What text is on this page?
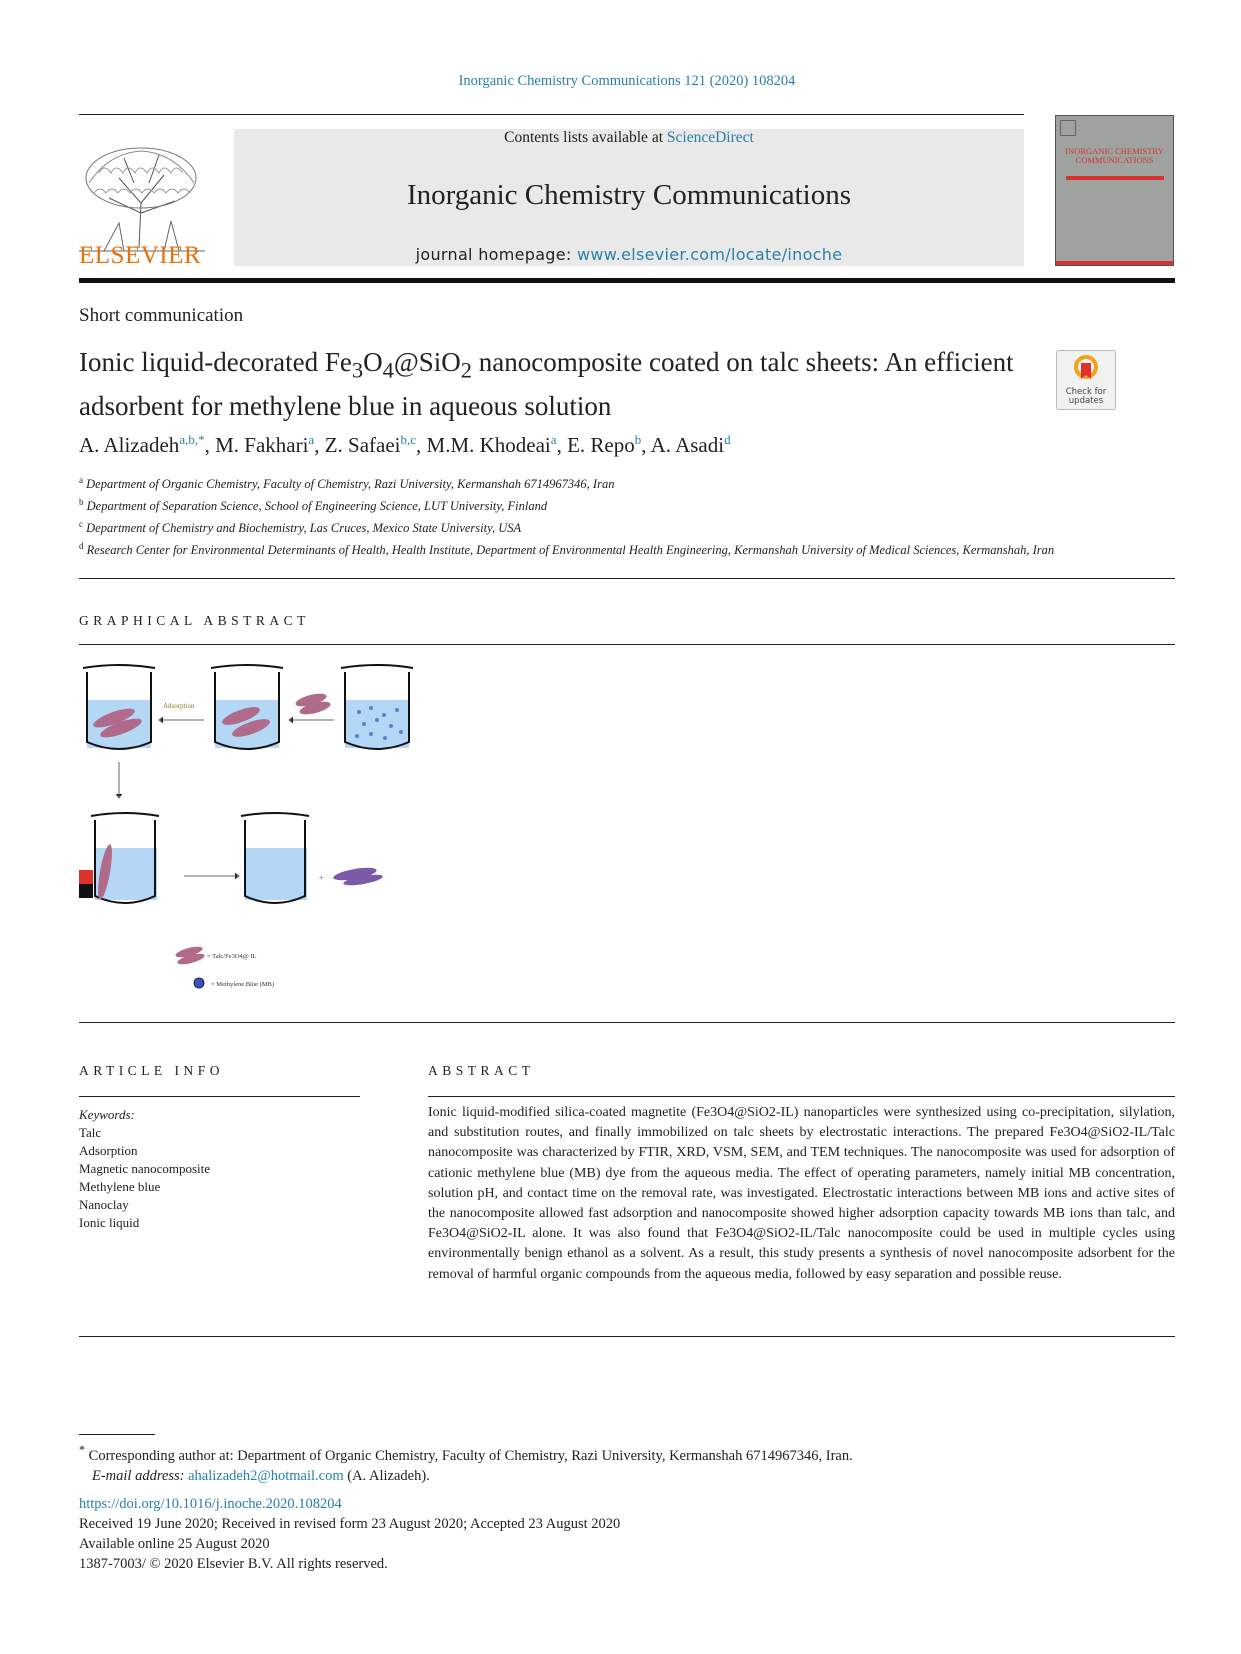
Inorganic Chemistry Communications 121 (2020) 108204
ELSEVIER
Contents lists available at ScienceDirect
Inorganic Chemistry Communications
journal homepage: www.elsevier.com/locate/inoche
INORGANIC CHEMISTRY COMMUNICATIONS
Short communication
Ionic liquid-decorated $Fe_3O_4@SiO_2$ nanocomposite coated on talc sheets: An efficient adsorbent for methylene blue in aqueous solution	Check for updates
A. Alizadeh$^{a,b,*}$, M. Fakhari$^a$, Z. Safaei$^{b,c}$, M.M. Khodeai$^a$, E. Repo$^b$, A. Asadi$^d$
$^a$ Department of Organic Chemistry, Faculty of Chemistry, Razi University, Kermanshah 6714967346, Iran
$^b$ Department of Separation Science, School of Engineering Science, LUT University, Finland
$^c$ Department of Chemistry and Biochemistry, Las Cruces, Mexico State University, USA
$^d$ Research Center for Environmental Determinants of Health, Health Institute, Department of Environmental Health Engineering, Kermanshah University of Medical Sciences, Kermanshah, Iran
GRAPHICAL ABSTRACT
Adsorption
+
= Talc/Fe3O4@ IL
= Methylene Blue (MB)
ARTICLE INFO	ABSTRACT
Keywords:
Talc
Adsorption
Magnetic nanocomposite
Methylene blue
Nanoclay
Ionic liquid
Ionic liquid-modified silica-coated magnetite (Fe3O4@SiO2-IL) nanoparticles were synthesized using co-precipitation, silylation, and substitution routes, and finally immobilized on talc sheets by electrostatic interactions. The prepared Fe3O4@SiO2-IL/Talc nanocomposite was characterized by FTIR, XRD, VSM, SEM, and TEM techniques. The nanocomposite was used for adsorption of cationic methylene blue (MB) dye from the aqueous media. The effect of operating parameters, namely initial MB concentration, solution pH, and contact time on the removal rate, was investigated. Electrostatic interactions between MB ions and active sites of the nanocomposite allowed fast adsorption and nanocomposite showed higher adsorption capacity towards MB ions than talc, and Fe3O4@SiO2-IL alone. It was also found that Fe3O4@SiO2-IL/Talc nanocomposite could be used in multiple cycles using environmentally benign ethanol as a solvent. As a result, this study presents a synthesis of novel nanocomposite adsorbent for the removal of harmful organic compounds from the aqueous media, followed by easy separation and possible reuse.
* Corresponding author at: Department of Organic Chemistry, Faculty of Chemistry, Razi University, Kermanshah 6714967346, Iran.
E-mail address: ahalizadeh2@hotmail.com (A. Alizadeh).
https://doi.org/10.1016/j.inoche.2020.108204
Received 19 June 2020; Received in revised form 23 August 2020; Accepted 23 August 2020
Available online 25 August 2020
1387-7003/ © 2020 Elsevier B.V. All rights reserved.
